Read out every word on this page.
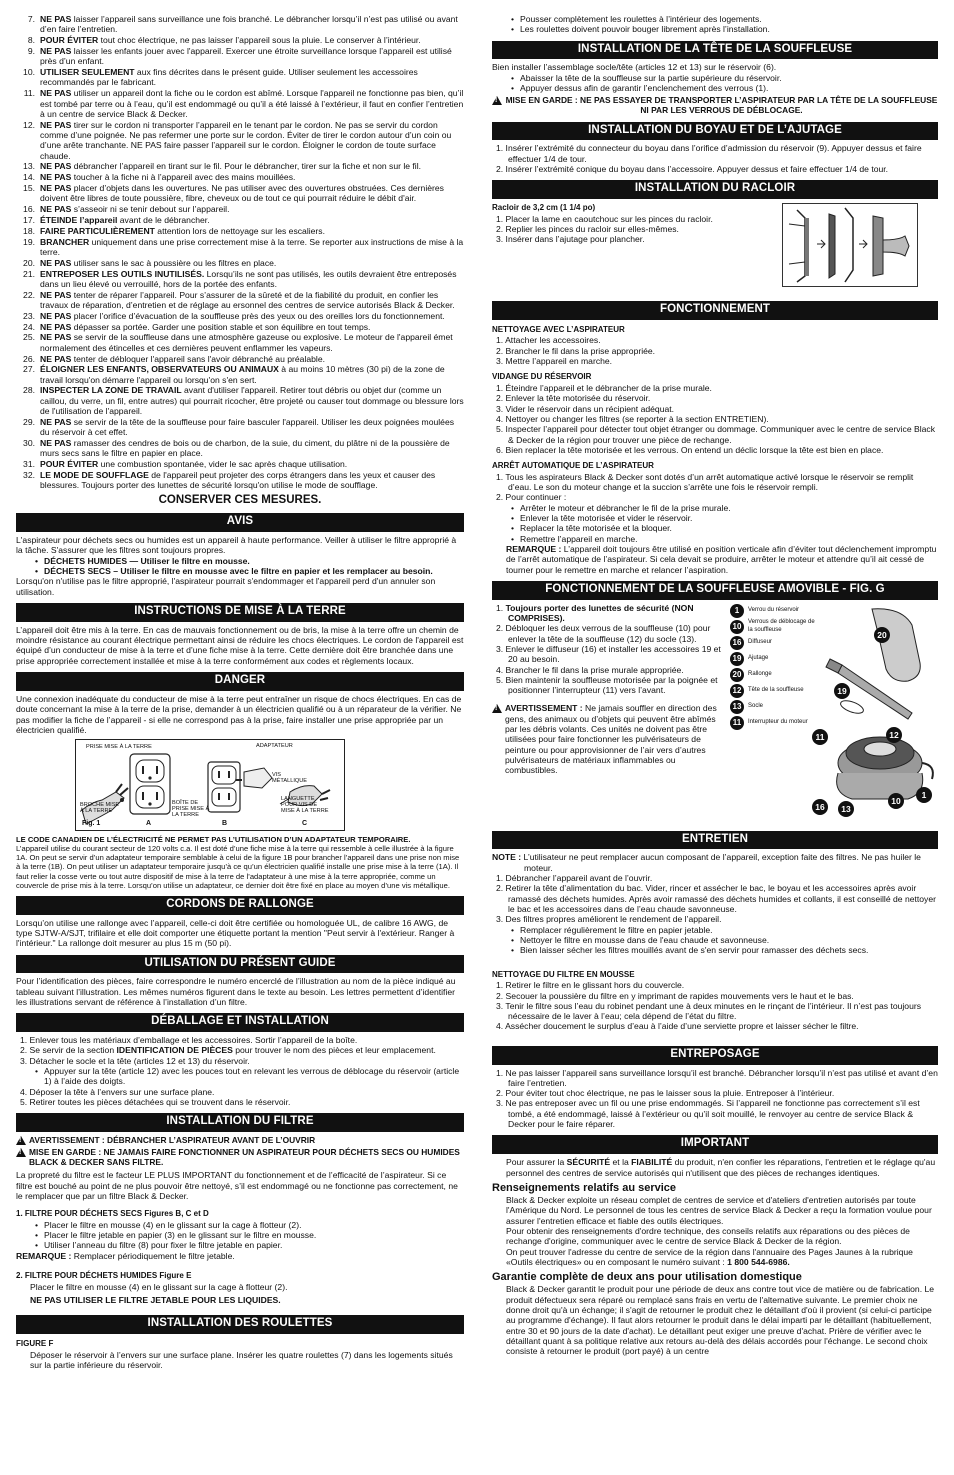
7. NE PAS laisser l’appareil sans surveillance une fois branché. Le débrancher lorsqu’il n’est pas utilisé ou avant d’en faire l’entretien.
8. POUR ÉVITER tout choc électrique, ne pas laisser l’appareil sous la pluie. Le conserver à l’intérieur.
9. NE PAS laisser les enfants jouer avec l'appareil. Exercer une étroite surveillance lorsque l’appareil est utilisé près d’un enfant.
10. UTILISER SEULEMENT aux fins décrites dans le présent guide. Utiliser seulement les accessoires recommandés par le fabricant.
11. NE PAS utiliser un appareil dont la fiche ou le cordon est abîmé. Lorsque l'appareil ne fonctionne pas bien, qu’il est tombé par terre ou à l’eau, qu’il est endommagé ou qu’il a été laissé à l’extérieur, il faut en confier l’entretien à un centre de service Black & Decker.
12. NE PAS tirer sur le cordon ni transporter l’appareil en le tenant par le cordon. Ne pas se servir du cordon comme d’une poignée. Ne pas refermer une porte sur le cordon. Éviter de tirer le cordon autour d’un coin ou d’une arête tranchante. NE PAS faire passer l’appareil sur le cordon. Éloigner le cordon de toute surface chaude.
13. NE PAS débrancher l’appareil en tirant sur le fil. Pour le débrancher, tirer sur la fiche et non sur le fil.
14. NE PAS toucher à la fiche ni à l’appareil avec des mains mouillées.
15. NE PAS placer d’objets dans les ouvertures. Ne pas utiliser avec des ouvertures obstruées. Ces dernières doivent être libres de toute poussière, fibre, cheveux ou de tout ce qui pourrait réduire le débit d'air.
16. NE PAS s’asseoir ni se tenir debout sur l’appareil.
17. ÉTEINDE l’appareil avant de le débrancher.
18. FAIRE PARTICULIÈREMENT attention lors de nettoyage sur les escaliers.
19. BRANCHER uniquement dans une prise correctement mise à la terre. Se reporter aux instructions de mise à la terre.
20. NE PAS utiliser sans le sac à poussière ou les filtres en place.
21. ENTREPOSER LES OUTILS INUTILISÉS. Lorsqu’ils ne sont pas utilisés, les outils devraient être entreposés dans un lieu élevé ou verrouillé, hors de la portée des enfants.
22. NE PAS tenter de réparer l’appareil. Pour s’assurer de la sûreté et de la fiabilité du produit, en confier les travaux de réparation, d’entretien et de réglage au ersonnel des centres de service autorisés Black & Decker.
23. NE PAS placer l’orifice d’évacuation de la souffleuse près des yeux ou des oreilles lors du fonctionnement.
24. NE PAS dépasser sa portée. Garder une position stable et son équilibre en tout temps.
25. NE PAS se servir de la souffleuse dans une atmosphère gazeuse ou explosive. Le moteur de l'appareil émet normalement des étincelles et ces dernières peuvent enflammer les vapeurs.
26. NE PAS tenter de débloquer l'appareil sans l'avoir débranché au préalable.
27. ÉLOIGNER LES ENFANTS, OBSERVATEURS OU ANIMAUX à au moins 10 mètres (30 pi) de la zone de travail lorsqu'on démarre l'appareil ou lorsqu'on s'en sert.
28. INSPECTER LA ZONE DE TRAVAIL avant d'utiliser l'appareil. Retirer tout débris ou objet dur (comme un caillou, du verre, un fil, entre autres) qui pourrait ricocher, être projeté ou causer tout dommage ou blessure lors de l'utilisation de l'appareil.
29. NE PAS se servir de la tête de la souffleuse pour faire basculer l'appareil. Utiliser les deux poignées moulées du réservoir à cet effet.
30. NE PAS ramasser des cendres de bois ou de charbon, de la suie, du ciment, du plâtre ni de la poussière de murs secs sans le filtre en papier en place.
31. POUR ÉVITER une combustion spontanée, vider le sac après chaque utilisation.
32. LE MODE DE SOUFFLAGE de l'appareil peut projeter des corps étrangers dans les yeux et causer des blessures. Toujours porter des lunettes de sécurité lorsqu'on utilise le mode de soufflage.
CONSERVER CES MESURES.
AVIS

L'aspirateur pour déchets secs ou humides est un appareil à haute performance. Veiller à utiliser le filtre approprié à la tâche. S'assurer que les filtres sont toujours propres.

• DÉCHETS HUMIDES — Utiliser le filtre en mousse.
• DÉCHETS SECS – Utiliser le filtre en mousse avec le filtre en papier et les remplacer au besoin.

Lorsqu'on n'utilise pas le filtre approprié, l'aspirateur pourrait s'endommager et l'appareil perd d'un annuler son utilisation.

INSTRUCTIONS DE MISE À LA TERRE

L’appareil doit être mis à la terre. En cas de mauvais fonctionnement ou de bris, la mise à la terre offre un chemin de moindre résistance au courant électrique permettant ainsi de réduire les chocs électriques. Le cordon de l'appareil est équipé d’un conducteur de mise à la terre et d’une fiche mise à la terre. Cette dernière doit être branchée dans une prise appropriée correctement installée et mise à la terre conformément aux codes et règlements locaux.

DANGER

Une connexion inadéquate du conducteur de mise à la terre peut entraîner un risque de chocs électriques. En cas de doute concernant la mise à la terre de la prise, demander à un électricien qualifié ou à un réparateur de la vérifier. Ne pas modifier la fiche de l’appareil - si elle ne correspond pas à la prise, faire installer une prise appropriée par un électricien qualifié.

PRISE MISE À LA TERRE	ADAPTATEUR
VIS
MÉTALLIQUE
BROCHE MISE
À LA TERRE
BOÎTE DE
PRISE MISE À
LA TERRE
LANGUETTE
POUR VIS DE
MISE À LA TERRE
Fig. 1	A	B	C

LE CODE CANADIEN DE L’ÉLECTRICITÉ NE PERMET PAS L’UTILISATION D’UN ADAPTATEUR TEMPORAIRE.

L’appareil utilise du courant secteur de 120 volts c.a. Il est doté d’une fiche mise à la terre qui ressemble à celle illustrée à la figure 1A. On peut se servir d’un adaptateur temporaire semblable à celui de la figure 1B pour brancher l’appareil dans une prise non mise à la terre (1B). On peut utiliser un adaptateur temporaire jusqu’à ce qu’un électricien qualifié installe une prise mise à la terre (1A). Il faut relier la cosse verte ou tout autre dispositif de mise à la terre de l’adaptateur à une mise à la terre appropriée, comme un couvercle de prise mis à la terre. Lorsqu’on utilise un adaptateur, ce dernier doit être fixé en place au moyen d’une vis métallique.

CORDONS DE RALLONGE

Lorsqu’on utilise une rallonge avec l’appareil, celle-ci doit être certifiée ou homologuée UL, de calibre 16 AWG, de type SJTW-A/SJT, trifilaire et elle doit comporter une étiquette portant la mention "Peut servir à l'extérieur. Ranger à l'intérieur." La rallonge doit mesurer au plus 15 m (50 pi).

UTILISATION DU PRÉSENT GUIDE

Pour l’identification des pièces, faire correspondre le numéro encerclé de l’illustration au nom de la pièce indiqué au tableau suivant l’illustration. Les mêmes numéros figurent dans le texte au besoin. Les lettres permettent d’identifier les illustrations servant de référence à l’installation d’un filtre.

DÉBALLAGE ET INSTALLATION
1. Enlever tous les matériaux d’emballage et les accessoires. Sortir l’appareil de la boîte.
2. Se servir de la section IDENTIFICATION DE PIÈCES pour trouver le nom des pièces et leur emplacement.
3. Détacher le socle et la tête (articles 12 et 13) du réservoir.
• Appuyer sur la tête (article 12) avec les pouces tout en relevant les verrous de déblocage du réservoir (article 1) à l’aide des doigts.
4. Déposer la tête à l’envers sur une surface plane.
5. Retirer toutes les pièces détachées qui se trouvent dans le réservoir.
INSTALLATION DU FILTRE
!
AVERTISSEMENT : DÉBRANCHER L’ASPIRATEUR AVANT DE L’OUVRIR
!
MISE EN GARDE : NE JAMAIS FAIRE FONCTIONNER UN ASPIRATEUR POUR DÉCHETS SECS OU HUMIDES BLACK & DECKER SANS FILTRE.

La propreté du filtre est le facteur LE PLUS IMPORTANT du fonctionnement et de l’efficacité de l’aspirateur. Si ce filtre est bouché au point de ne plus pouvoir être nettoyé, s’il est endommagé ou ne fonctionne pas correctement, ne le remplacer que par un filtre Black & Decker.

1. FILTRE POUR DÉCHETS SECS Figures B, C et D
• Placer le filtre en mousse (4) en le glissant sur la cage à flotteur (2).
• Placer le filtre jetable en papier (3) en le glissant sur le filtre en mousse.
• Utiliser l’anneau du filtre (8) pour fixer le filtre jetable en papier.

REMARQUE : Remplacer périodiquement le filtre jetable.

2. FILTRE POUR DÉCHETS HUMIDES Figure E

Placer le filtre en mousse (4) en le glissant sur la cage à flotteur (2).

NE PAS UTILISER LE FILTRE JETABLE POUR LES LIQUIDES.

INSTALLATION DES ROULETTES
FIGURE F

Déposer le réservoir à l’envers sur une surface plane. Insérer les quatre roulettes (7) dans les logements situés sur la partie inférieure du réservoir.

• Pousser complètement les roulettes à l’intérieur des logements.
• Les roulettes doivent pouvoir bouger librement après l’installation.
INSTALLATION DE LA TÊTE DE LA SOUFFLEUSE

Bien installer l’assemblage socle/tête (articles 12 et 13) sur le réservoir (6).

• Abaisser la tête de la souffleuse sur la partie supérieure du réservoir.
• Appuyer dessus afin de garantir l’enclenchement des verrous (1).
!
MISE EN GARDE : NE PAS ESSAYER DE TRANSPORTER L’ASPIRATEUR PAR LA TÊTE DE LA SOUFFLEUSE NI PAR LES VERROUS DE DÉBLOCAGE.
INSTALLATION DU BOYAU ET DE L’AJUTAGE
1. Insérer l’extrémité du connecteur du boyau dans l’orifice d’admission du réservoir (9). Appuyer dessus et faire effectuer 1/4 de tour.
2. Insérer l’extrémité conique du boyau dans l’accessoire. Appuyer dessus et faire effectuer 1/4 de tour.
INSTALLATION DU RACLOIR
Racloir de 3,2 cm (1 1/4 po)
1. Placer la lame en caoutchouc sur les pinces du racloir.
2. Replier les pinces du racloir sur elles-mêmes.
3. Insérer dans l’ajutage pour plancher.
FONCTIONNEMENT
NETTOYAGE AVEC L’ASPIRATEUR
1. Attacher les accessoires.
2. Brancher le fil dans la prise appropriée.
3. Mettre l’appareil en marche.
VIDANGE DU RÉSERVOIR
1. Éteindre l’appareil et le débrancher de la prise murale.
2. Enlever la tête motorisée du réservoir.
3. Vider le réservoir dans un récipient adéquat.
4. Nettoyer ou changer les filtres (se reporter à la section ENTRETIEN).
5. Inspecter l’appareil pour détecter tout objet étranger ou dommage. Communiquer avec le centre de service Black & Decker de la région pour trouver une pièce de rechange.
6. Bien replacer la tête motorisée et les verrous. On entend un déclic lorsque la tête est bien en place.
ARRÊT AUTOMATIQUE DE L’ASPIRATEUR
1. Tous les aspirateurs Black & Decker sont dotés d’un arrêt automatique activé lorsque le réservoir se remplit d’eau. Le son du moteur change et la succion s’arrête une fois le réservoir rempli.
2. Pour continuer :
• Arrêter le moteur et débrancher le fil de la prise murale.
• Enlever la tête motorisée et vider le réservoir.
• Replacer la tête motorisée et la bloquer.
• Remettre l’appareil en marche.

REMARQUE : L’appareil doit toujours être utilisé en position verticale afin d’éviter tout déclenchement impromptu de l’arrêt automatique de l’aspirateur. Si cela devait se produire, arrêter le moteur et attendre qu’il ait cessé de tourner pour le remettre en marche et relancer l’aspiration.

FONCTIONNEMENT DE LA SOUFFLEUSE AMOVIBLE - FIG. G
1. Toujours porter des lunettes de sécurité (NON COMPRISES).
2. Débloquer les deux verrous de la souffleuse (10) pour enlever la tête de la souffleuse (12) du socle (13).
3. Enlever le diffuseur (16) et installer les accessoires 19 et 20 au besoin.
4. Brancher le fil dans la prise murale appropriée.
5. Bien maintenir la souffleuse motorisée par la poignée et positionner l’interrupteur (11) vers l’avant.
!

AVERTISSEMENT : Ne jamais souffler en direction des gens, des animaux ou d’objets qui peuvent être abîmés par les débris volants. Ces unités ne doivent pas être utilisées pour faire fonctionner les pulvérisateurs de peinture ou pour approvisionner de l’air vers d’autres pulvérisateurs de matériaux inflammables ou combustibles.

1	Verrou du réservoir
10	Verrous de déblocage de la souffleuse
16	Diffuseur
19	Ajutage
20	Rallonge
12	Tête de la souffleuse
13	Socle
11	Interrupteur du moteur
20
19
11	12
16	13
10
1
ENTRETIEN

NOTE : L’utilisateur ne peut remplacer aucun composant de l’appareil, exception faite des filtres. Ne pas huiler le moteur.

1. Débrancher l’appareil avant de l’ouvrir.
2. Retirer la tête d’alimentation du bac. Vider, rincer et assécher le bac, le boyau et les accessoires après avoir ramassé des déchets humides. Après avoir ramassé des déchets humides et collants, il est conseillé de nettoyer le bac et les accessoires dans de l’eau chaude savonneuse.
3. Des filtres propres améliorent le rendement de l’appareil.
• Remplacer régulièrement le filtre en papier jetable.
• Nettoyer le filtre en mousse dans de l'eau chaude et savonneuse.
• Bien laisser sécher les filtres mouillés avant de s'en servir pour ramasser des déchets secs.
NETTOYAGE DU FILTRE EN MOUSSE
1. Retirer le filtre en le glissant hors du couvercle.
2. Secouer la poussière du filtre en y imprimant de rapides mouvements vers le haut et le bas.
3. Tenir le filtre sous l’eau du robinet pendant une à deux minutes en le rinçant de l’intérieur. Il n’est pas toujours nécessaire de le laver à l’eau; cela dépend de l’état du filtre.
4. Assécher doucement le surplus d’eau à l’aide d’une serviette propre et laisser sécher le filtre.
ENTREPOSAGE
1. Ne pas laisser l’appareil sans surveillance lorsqu’il est branché. Débrancher lorsqu’il n’est pas utilisé et avant d’en faire l’entretien.
2. Pour éviter tout choc électrique, ne pas le laisser sous la pluie. Entreposer à l’intérieur.
3. Ne pas entreposer avec un fil ou une prise endommagés. Si l’appareil ne fonctionne pas correctement s’il est tombé, a été endommagé, laissé à l’extérieur ou qu’il soit mouillé, le renvoyer au centre de service Black & Decker pour le faire réparer.
IMPORTANT

Pour assurer la SÉCURITÉ et la FIABILITÉ du produit, n'en confier les réparations, l'entretien et le réglage qu'au personnel des centres de service autorisés qui n'utilisent que des pièces de rechanges identiques.

Renseignements relatifs au service

Black & Decker exploite un réseau complet de centres de service et d'ateliers d'entretien autorisés par toute l'Amérique du Nord. Le personnel de tous les centres de service Black & Decker a reçu la formation voulue pour assurer l'entretien efficace et fiable des outils électriques.

Pour obtenir des renseignements d'ordre technique, des conseils relatifs aux réparations ou des pièces de rechange d'origine, communiquer avec le centre de service Black & Decker de la région.

On peut trouver l'adresse du centre de service de la région dans l'annuaire des Pages Jaunes à la rubrique «Outils électriques» ou en composant le numéro suivant : 1 800 544-6986.

Garantie complète de deux ans pour utilisation domestique

Black & Decker garantit le produit pour une période de deux ans contre tout vice de matière ou de fabrication. Le produit défectueux sera réparé ou remplacé sans frais en vertu de l'alternative suivante. Le premier choix ne donne droit qu'à un échange; il s'agit de retourner le produit chez le détaillant d'où il provient (si celui-ci participe au programme d'échange). Il faut alors retourner le produit dans le délai imparti par le détaillant (habituellement, entre 30 et 90 jours de la date d'achat). Le détaillant peut exiger une preuve d'achat. Prière de vérifier avec le détaillant quant à sa politique relative aux retours au-delà des délais accordés pour l'échange. Le second choix consiste à retourner le produit (port payé) à un centre
